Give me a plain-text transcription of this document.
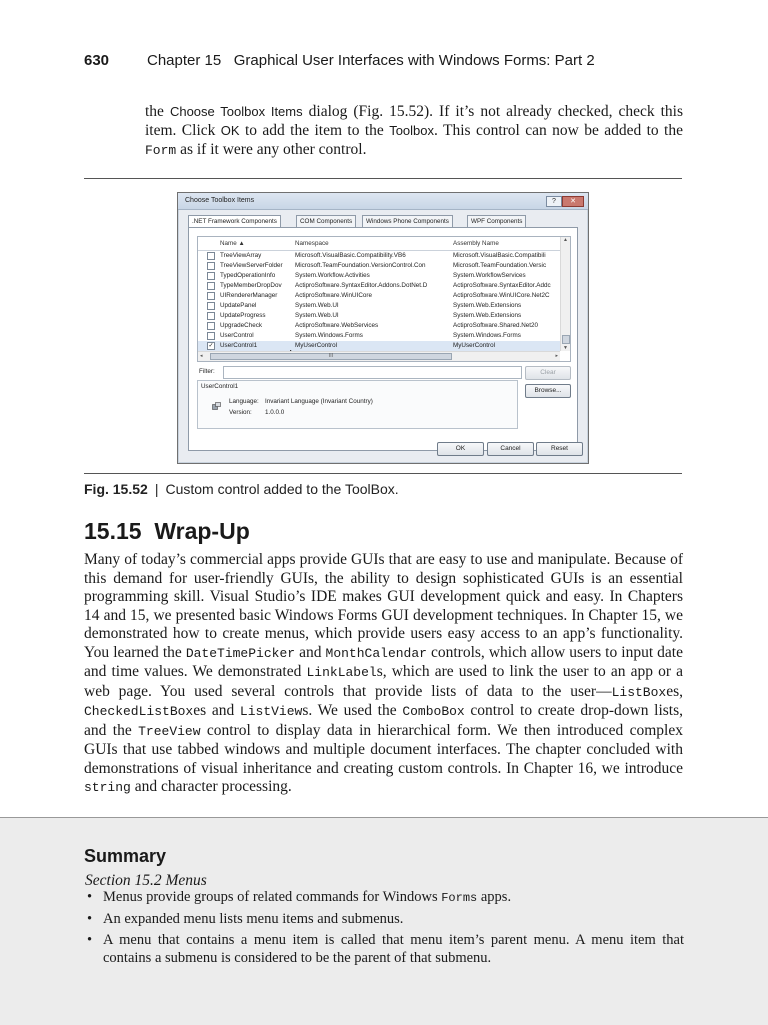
630	Chapter 15   Graphical User Interfaces with Windows Forms: Part 2
the Choose Toolbox Items dialog (Fig. 15.52). If it’s not already checked, check this item. Click OK to add the item to the Toolbox. This control can now be added to the Form as if it were any other control.
Choose Toolbox Items	?	✕
.NET Framework Components	COM Components	Windows Phone Components	WPF Components
Name ▲	Namespace	Assembly Name
TreeViewArray	Microsoft.VisualBasic.Compatibility.VB6	Microsoft.VisualBasic.Compatibili
TreeViewServerFolder	Microsoft.TeamFoundation.VersionControl.Con	Microsoft.TeamFoundation.Versic
TypedOperationInfo	System.Workflow.Activities	System.WorkflowServices
TypeMemberDropDov	ActiproSoftware.SyntaxEditor.Addons.DotNet.D	ActiproSoftware.SyntaxEditor.Addc
UIRendererManager	ActiproSoftware.WinUICore	ActiproSoftware.WinUICore.Net2C
UpdatePanel	System.Web.UI	System.Web.Extensions
UpdateProgress	System.Web.UI	System.Web.Extensions
UpgradeCheck	ActiproSoftware.WebServices	ActiproSoftware.Shared.Net20
UserControl	System.Windows.Forms	System.Windows.Forms
✓ UserControl1	MyUserControl	MyUserControl
▲
▼
◂	III	▸
Filter:	Clear
UserControl1
Language: Invariant Language (Invariant Country)
Version: 1.0.0.0
Browse...
OK	Cancel	Reset
Fig. 15.52 | Custom control added to the ToolBox.
15.15  Wrap-Up
Many of today’s commercial apps provide GUIs that are easy to use and manipulate. Because of this demand for user-friendly GUIs, the ability to design sophisticated GUIs is an essential programming skill. Visual Studio’s IDE makes GUI development quick and easy. In Chapters 14 and 15, we presented basic Windows Forms GUI development techniques. In Chapter 15, we demonstrated how to create menus, which provide users easy access to an app’s functionality. You learned the DateTimePicker and MonthCalendar controls, which allow users to input date and time values. We demonstrated LinkLabels, which are used to link the user to an app or a web page. You used several controls that provide lists of data to the user—ListBoxes, CheckedListBoxes and ListViews. We used the ComboBox control to create drop-down lists, and the TreeView control to display data in hierarchical form. We then introduced complex GUIs that use tabbed windows and multiple document interfaces. The chapter concluded with demonstrations of visual inheritance and creating custom controls. In Chapter 16, we introduce string and character processing.
Summary
Section 15.2 Menus
• Menus provide groups of related commands for Windows Forms apps.
• An expanded menu lists menu items and submenus.
• A menu that contains a menu item is called that menu item’s parent menu. A menu item that contains a submenu is considered to be the parent of that submenu.
